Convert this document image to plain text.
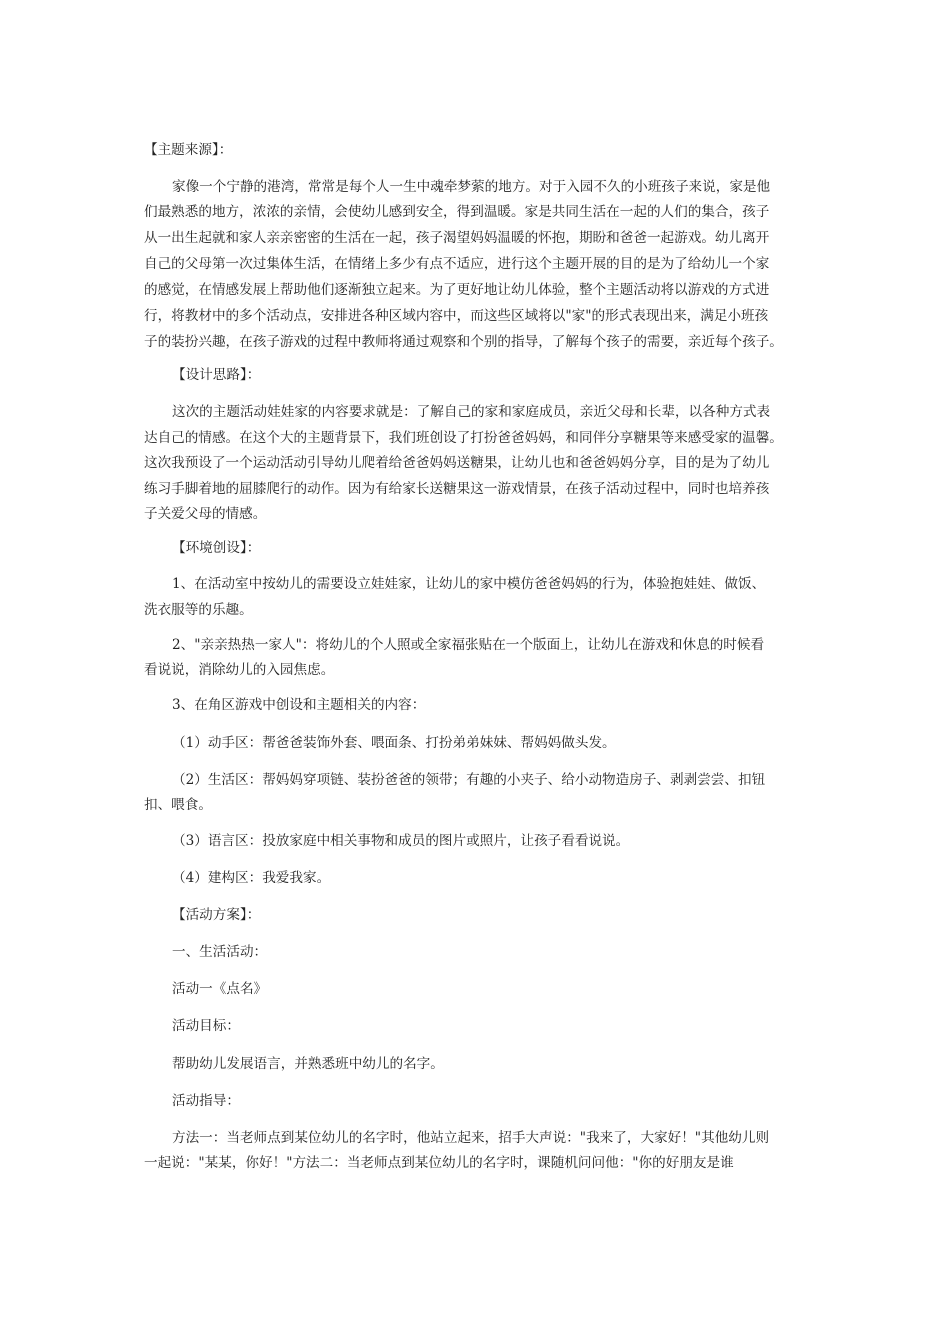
【主题来源】：
家像一个宁静的港湾，常常是每个人一生中魂牵梦萦的地方。对于入园不久的小班孩子来说，家是他
们最熟悉的地方，浓浓的亲情，会使幼儿感到安全，得到温暖。家是共同生活在一起的人们的集合，孩子
从一出生起就和家人亲亲密密的生活在一起，孩子渴望妈妈温暖的怀抱，期盼和爸爸一起游戏。幼儿离开
自己的父母第一次过集体生活，在情绪上多少有点不适应，进行这个主题开展的目的是为了给幼儿一个家
的感觉，在情感发展上帮助他们逐渐独立起来。为了更好地让幼儿体验，整个主题活动将以游戏的方式进
行，将教材中的多个活动点，安排进各种区域内容中，而这些区域将以"家"的形式表现出来，满足小班孩
子的装扮兴趣，在孩子游戏的过程中教师将通过观察和个别的指导，了解每个孩子的需要，亲近每个孩子。
【设计思路】：
这次的主题活动娃娃家的内容要求就是：了解自己的家和家庭成员，亲近父母和长辈，以各种方式表
达自己的情感。在这个大的主题背景下，我们班创设了打扮爸爸妈妈，和同伴分享糖果等来感受家的温馨。
这次我预设了一个运动活动引导幼儿爬着给爸爸妈妈送糖果，让幼儿也和爸爸妈妈分享，目的是为了幼儿
练习手脚着地的屈膝爬行的动作。因为有给家长送糖果这一游戏情景，在孩子活动过程中，同时也培养孩
子关爱父母的情感。
【环境创设】：
1、在活动室中按幼儿的需要设立娃娃家，让幼儿的家中模仿爸爸妈妈的行为，体验抱娃娃、做饭、
洗衣服等的乐趣。
2、"亲亲热热一家人"：将幼儿的个人照或全家福张贴在一个版面上，让幼儿在游戏和休息的时候看
看说说，消除幼儿的入园焦虑。
3、在角区游戏中创设和主题相关的内容：
（1）动手区：帮爸爸装饰外套、喂面条、打扮弟弟妹妹、帮妈妈做头发。
（2）生活区：帮妈妈穿项链、装扮爸爸的领带；有趣的小夹子、给小动物造房子、剥剥尝尝、扣钮
扣、喂食。
（3）语言区：投放家庭中相关事物和成员的图片或照片，让孩子看看说说。
（4）建构区：我爱我家。
【活动方案】：
一、生活活动：
活动一《点名》
活动目标：
帮助幼儿发展语言，并熟悉班中幼儿的名字。
活动指导：
方法一：当老师点到某位幼儿的名字时，他站立起来，招手大声说："我来了，大家好！"其他幼儿则
一起说："某某，你好！"方法二：当老师点到某位幼儿的名字时，课随机问问他："你的好朋友是谁
